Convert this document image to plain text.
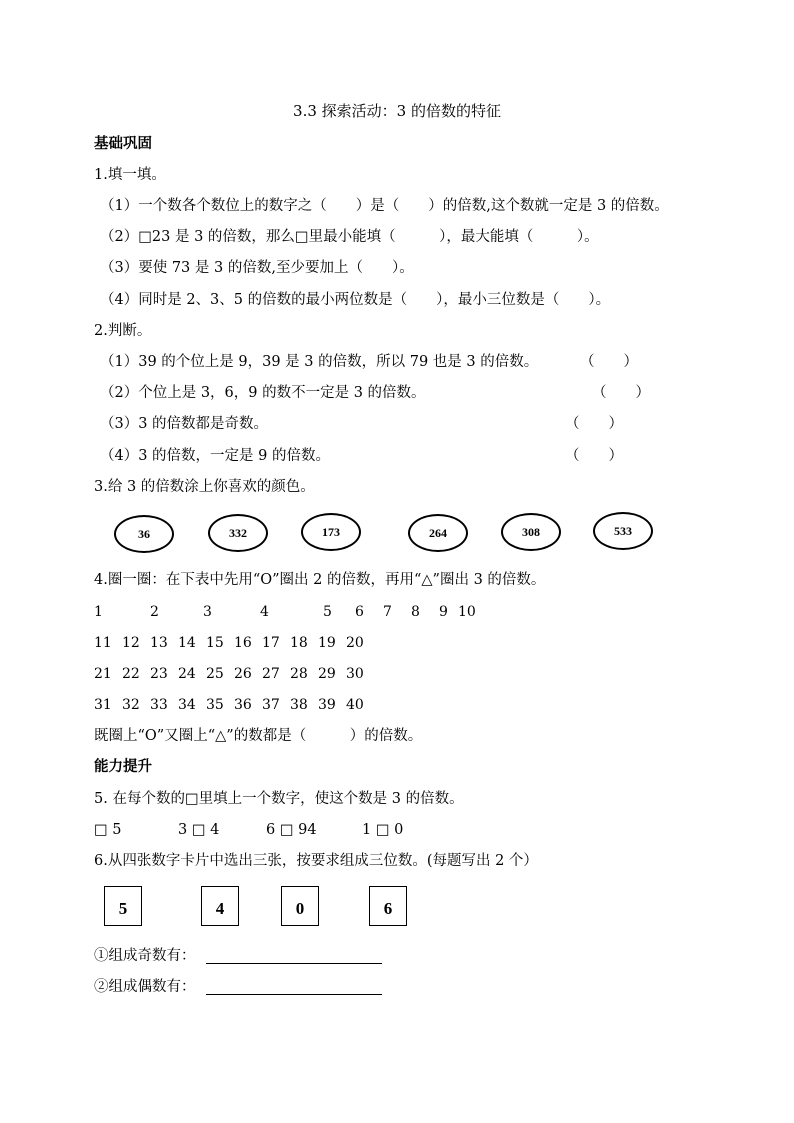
3.3 探索活动：3 的倍数的特征
基础巩固
1.填一填。
（1）一个数各个数位上的数字之（　　）是（　　）的倍数,这个数就一定是 3 的倍数。
（2）□23 是 3 的倍数，那么□里最小能填（　　　），最大能填（　　　）。
（3）要使 73 是 3 的倍数,至少要加上（　　）。
（4）同时是 2、3、5 的倍数的最小两位数是（　　），最小三位数是（　　）。
2.判断。
（1）39 的个位上是 9，39 是 3 的倍数，所以 79 也是 3 的倍数。	（　　）
（2）个位上是 3，6，9 的数不一定是 3 的倍数。	（　　）
（3）3 的倍数都是奇数。	（　　）
（4）3 的倍数，一定是 9 的倍数。	（　　）
3.给 3 的倍数涂上你喜欢的颜色。
36	332	173	264	308	533
4.圈一圈：在下表中先用“O”圈出 2 的倍数，再用“△”圈出 3 的倍数。
1	2	3	4	5 6 7 8 9 10
11 12 13 14 15 16 17 18 19 20
21 22 23 24 25 26 27 28 29 30
31 32 33 34 35 36 37 38 39 40
既圈上“O”又圈上“△”的数都是（　　　）的倍数。
能力提升
5. 在每个数的□里填上一个数字，使这个数是 3 的倍数。
□ 5	3 □ 4	6 □ 94	1 □ 0
6.从四张数字卡片中选出三张，按要求组成三位数。(每题写出 2 个）
5	4	0	6
①组成奇数有：
②组成偶数有：
